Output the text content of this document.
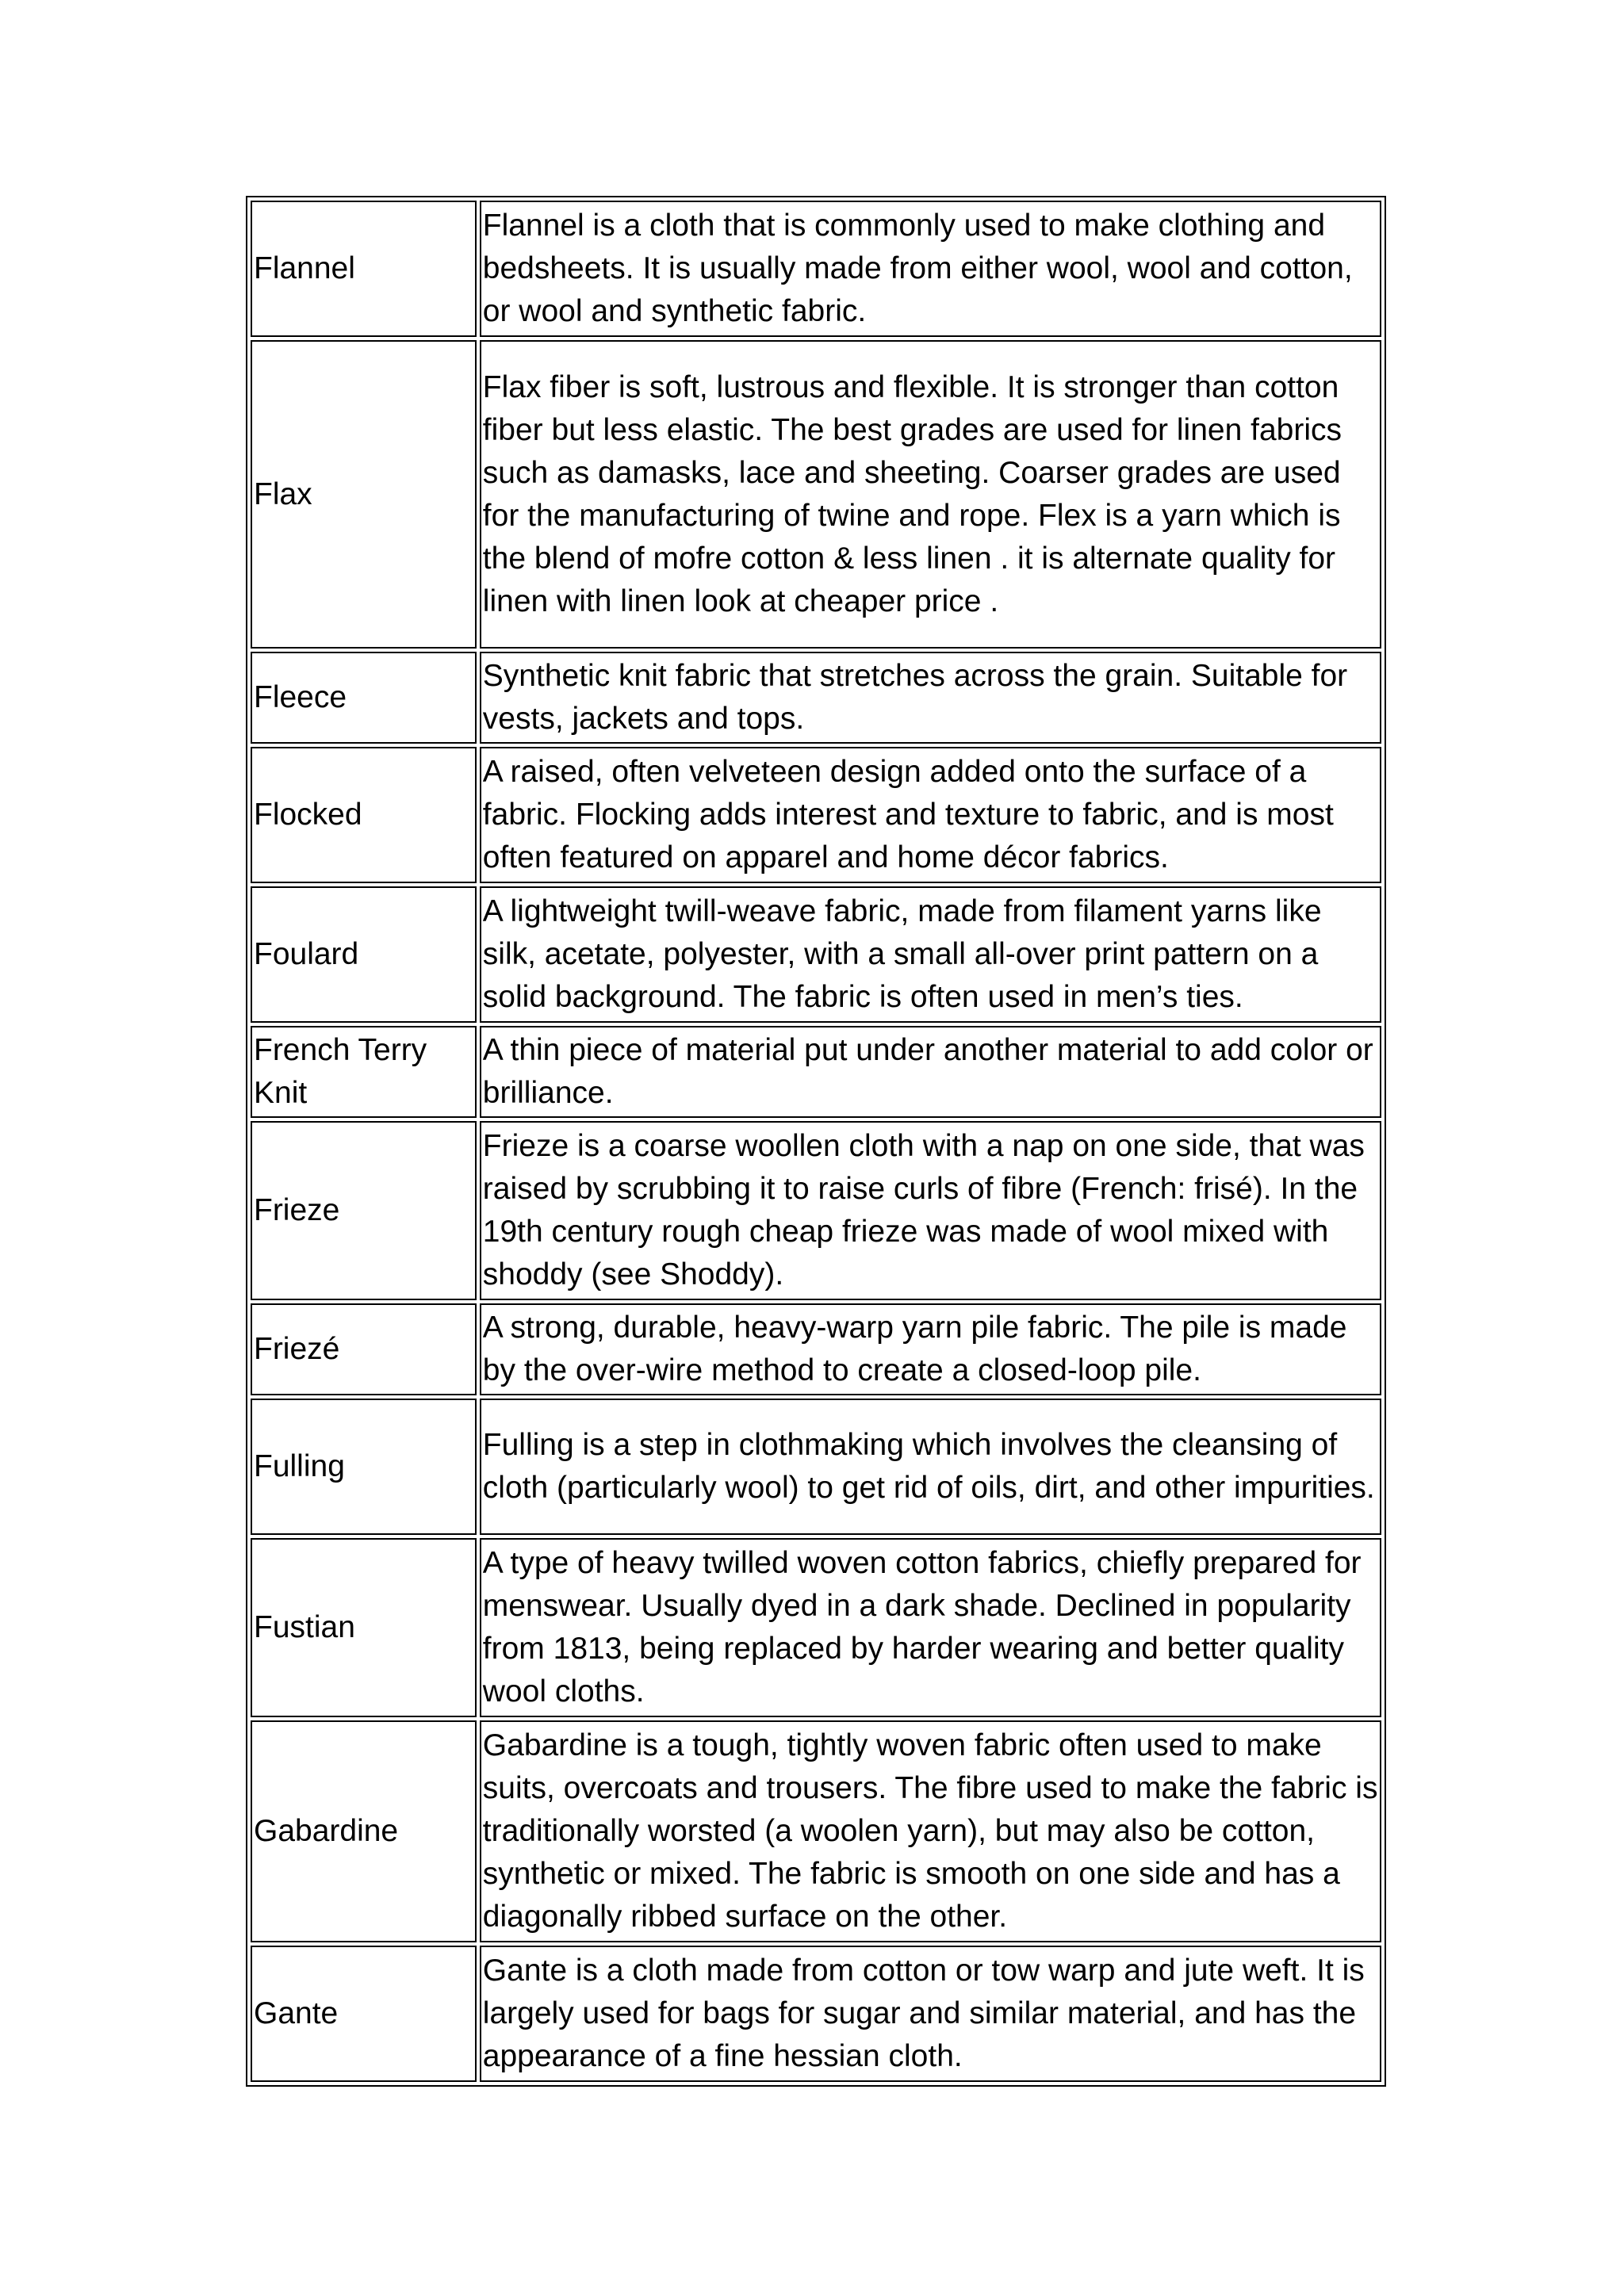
Flannel	Flannel is a cloth that is commonly used to make clothing and bedsheets. It is usually made from either wool, wool and cotton, or wool and synthetic fabric.
Flax	Flax fiber is soft, lustrous and flexible. It is stronger than cotton fiber but less elastic. The best grades are used for linen fabrics such as damasks, lace and sheeting. Coarser grades are used for the manufacturing of twine and rope. Flex is a yarn which is the blend of mofre cotton & less linen . it is alternate quality for linen with linen look at cheaper price .
Fleece	Synthetic knit fabric that stretches across the grain. Suitable for vests, jackets and tops.
Flocked	A raised, often velveteen design added onto the surface of a fabric. Flocking adds interest and texture to fabric, and is most often featured on apparel and home décor fabrics.
Foulard	A lightweight twill-weave fabric, made from filament yarns like silk, acetate, polyester, with a small all-over print pattern on a solid background. The fabric is often used in men’s ties.
French Terry Knit	A thin piece of material put under another material to add color or brilliance.
Frieze	Frieze is a coarse woollen cloth with a nap on one side, that was raised by scrubbing it to raise curls of fibre (French: frisé). In the 19th century rough cheap frieze was made of wool mixed with shoddy (see Shoddy).
Friezé	A strong, durable, heavy-warp yarn pile fabric. The pile is made by the over-wire method to create a closed-loop pile.
Fulling	Fulling is a step in clothmaking which involves the cleansing of cloth (particularly wool) to get rid of oils, dirt, and other impurities.
Fustian	A type of heavy twilled woven cotton fabrics, chiefly prepared for menswear. Usually dyed in a dark shade. Declined in popularity from 1813, being replaced by harder wearing and better quality wool cloths.
Gabardine	Gabardine is a tough, tightly woven fabric often used to make suits, overcoats and trousers. The fibre used to make the fabric is traditionally worsted (a woolen yarn), but may also be cotton, synthetic or mixed. The fabric is smooth on one side and has a diagonally ribbed surface on the other.
Gante	Gante is a cloth made from cotton or tow warp and jute weft. It is largely used for bags for sugar and similar material, and has the appearance of a fine hessian cloth.
